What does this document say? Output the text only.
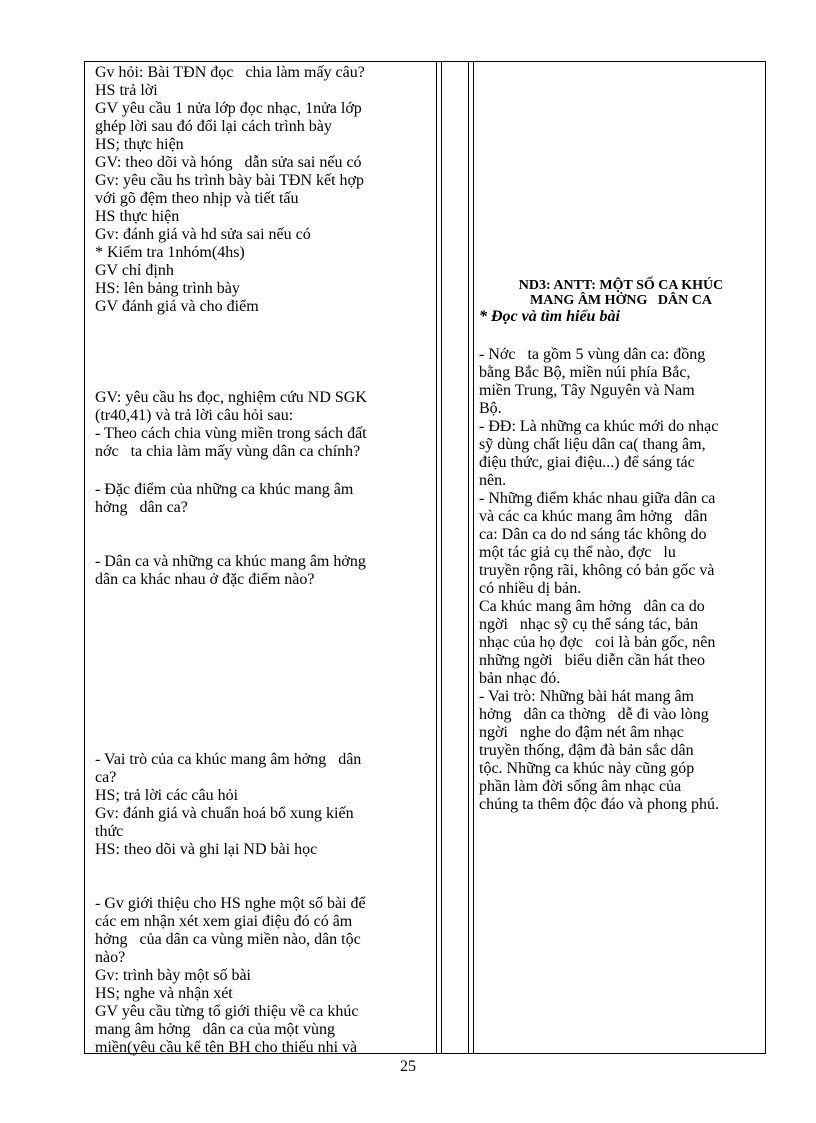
Gv hỏi: Bài TĐN đọc   chia làm mấy câu?
HS trả lời
GV yêu cầu 1 nửa lớp đọc nhạc, 1nửa lớp
ghép lời sau đó đổi lại cách trình bày
HS; thực hiện
GV: theo dõi và hóng   dẫn sửa sai nếu có
Gv: yêu cầu hs trình bày bài TĐN kết hợp
với gõ đệm theo nhịp và tiết tấu
HS thực hiện
Gv: đánh giá và hd sửa sai nếu có
* Kiểm tra 1nhóm(4hs)
GV chỉ định
HS: lên bảng trình bày
GV đánh giá và cho điểm
GV: yêu cầu hs đọc, nghiệm cứu ND SGK
(tr40,41) và trả lời câu hỏi sau:
- Theo cách chia vùng miền trong sách đất
nớc   ta chia làm mấy vùng dân ca chính?
- Đặc điểm của những ca khúc mang âm
hởng   dân ca?
- Dân ca và những ca khúc mang âm hởng
dân ca khác nhau ở đặc điểm nào?
- Vai trò của ca khúc mang âm hởng   dân
ca?
HS; trả lời các câu hỏi
Gv: đánh giá và chuẩn hoá bổ xung kiến
thức
HS: theo dõi và ghi lại ND bài học
- Gv giới thiệu cho HS nghe một số bài để
các em nhận xét xem giai điệu đó có âm
hởng   của dân ca vùng miền nào, dân tộc
nào?
Gv: trình bày một số bài
HS; nghe và nhận xét
GV yêu cầu từng tổ giới thiệu về ca khúc
mang âm hởng   dân ca của một vùng
miền(yêu cầu kể tên BH cho thiếu nhi và
ND3: ANTT: MỘT SỐ CA KHÚC
MANG ÂM HỞNG   DÂN CA
* Đọc và tìm hiểu bài
- Nớc   ta gồm 5 vùng dân ca: đồng
bằng Bắc Bộ, miền núi phía Bắc,
miền Trung, Tây Nguyên và Nam
Bộ.
- ĐĐ: Là những ca khúc mới do nhạc
sỹ dùng chất liệu dân ca( thang âm,
điệu thức, giai điệu...) để sáng tác
nên.
- Những điểm khác nhau giữa dân ca
và các ca khúc mang âm hởng   dân
ca: Dân ca do nd sáng tác không do
một tác giả cụ thể nào, đợc   lu
truyền rộng rãi, không có bản gốc và
có nhiều dị bản.
Ca khúc mang âm hởng   dân ca do
ngời   nhạc sỹ cụ thể sáng tác, bản
nhạc của họ đợc   coi là bản gốc, nên
những ngời   biểu diễn cần hát theo
bản nhạc đó.
- Vai trò: Những bài hát mang âm
hởng   dân ca thờng   dễ đi vào lòng
ngời   nghe do đậm nét âm nhạc
truyền thống, đậm đà bản sắc dân
tộc. Những ca khúc này cũng góp
phần làm đời sống âm nhạc của
chúng ta thêm độc đáo và phong phú.
25
